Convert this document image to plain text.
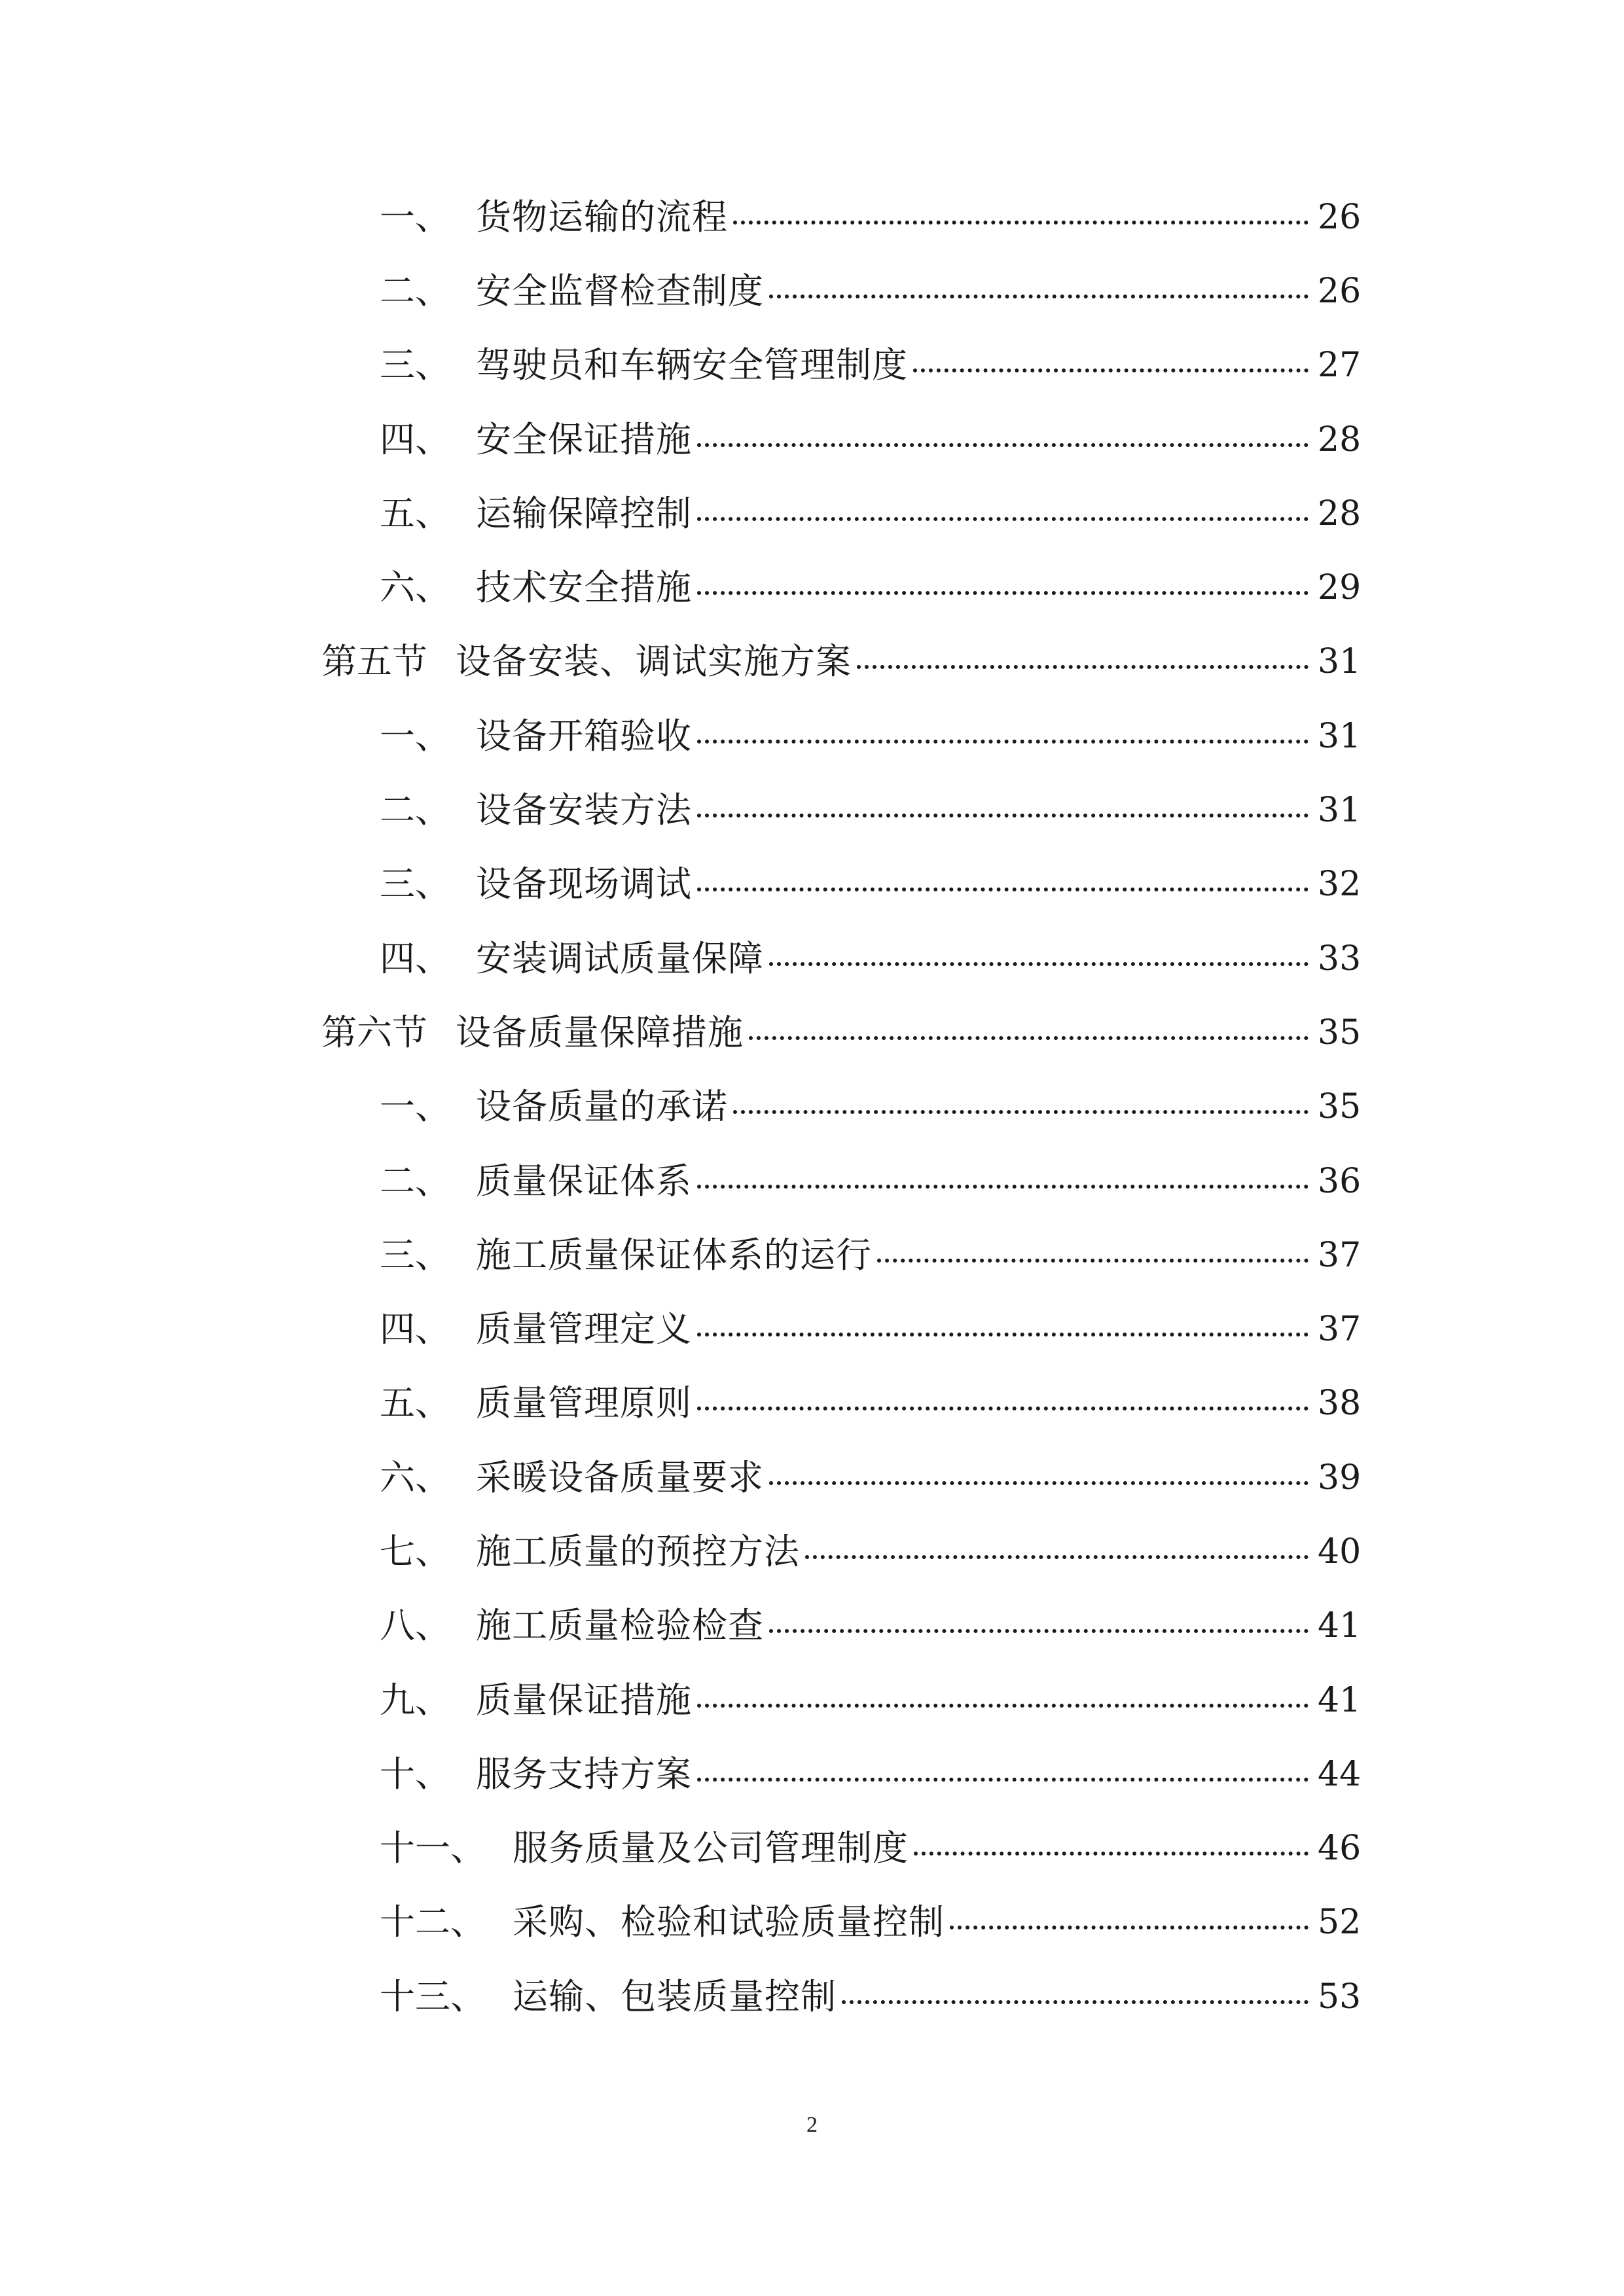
一、 货物运输的流程	26
二、 安全监督检查制度	26
三、 驾驶员和车辆安全管理制度	27
四、 安全保证措施	28
五、 运输保障控制	28
六、 技术安全措施	29
第五节 设备安装、调试实施方案	31
一、 设备开箱验收	31
二、 设备安装方法	31
三、 设备现场调试	32
四、 安装调试质量保障	33
第六节 设备质量保障措施	35
一、 设备质量的承诺	35
二、 质量保证体系	36
三、 施工质量保证体系的运行	37
四、 质量管理定义	37
五、 质量管理原则	38
六、 采暖设备质量要求	39
七、 施工质量的预控方法	40
八、 施工质量检验检查	41
九、 质量保证措施	41
十、 服务支持方案	44
十一、 服务质量及公司管理制度	46
十二、 采购、检验和试验质量控制	52
十三、 运输、包装质量控制	53
2
